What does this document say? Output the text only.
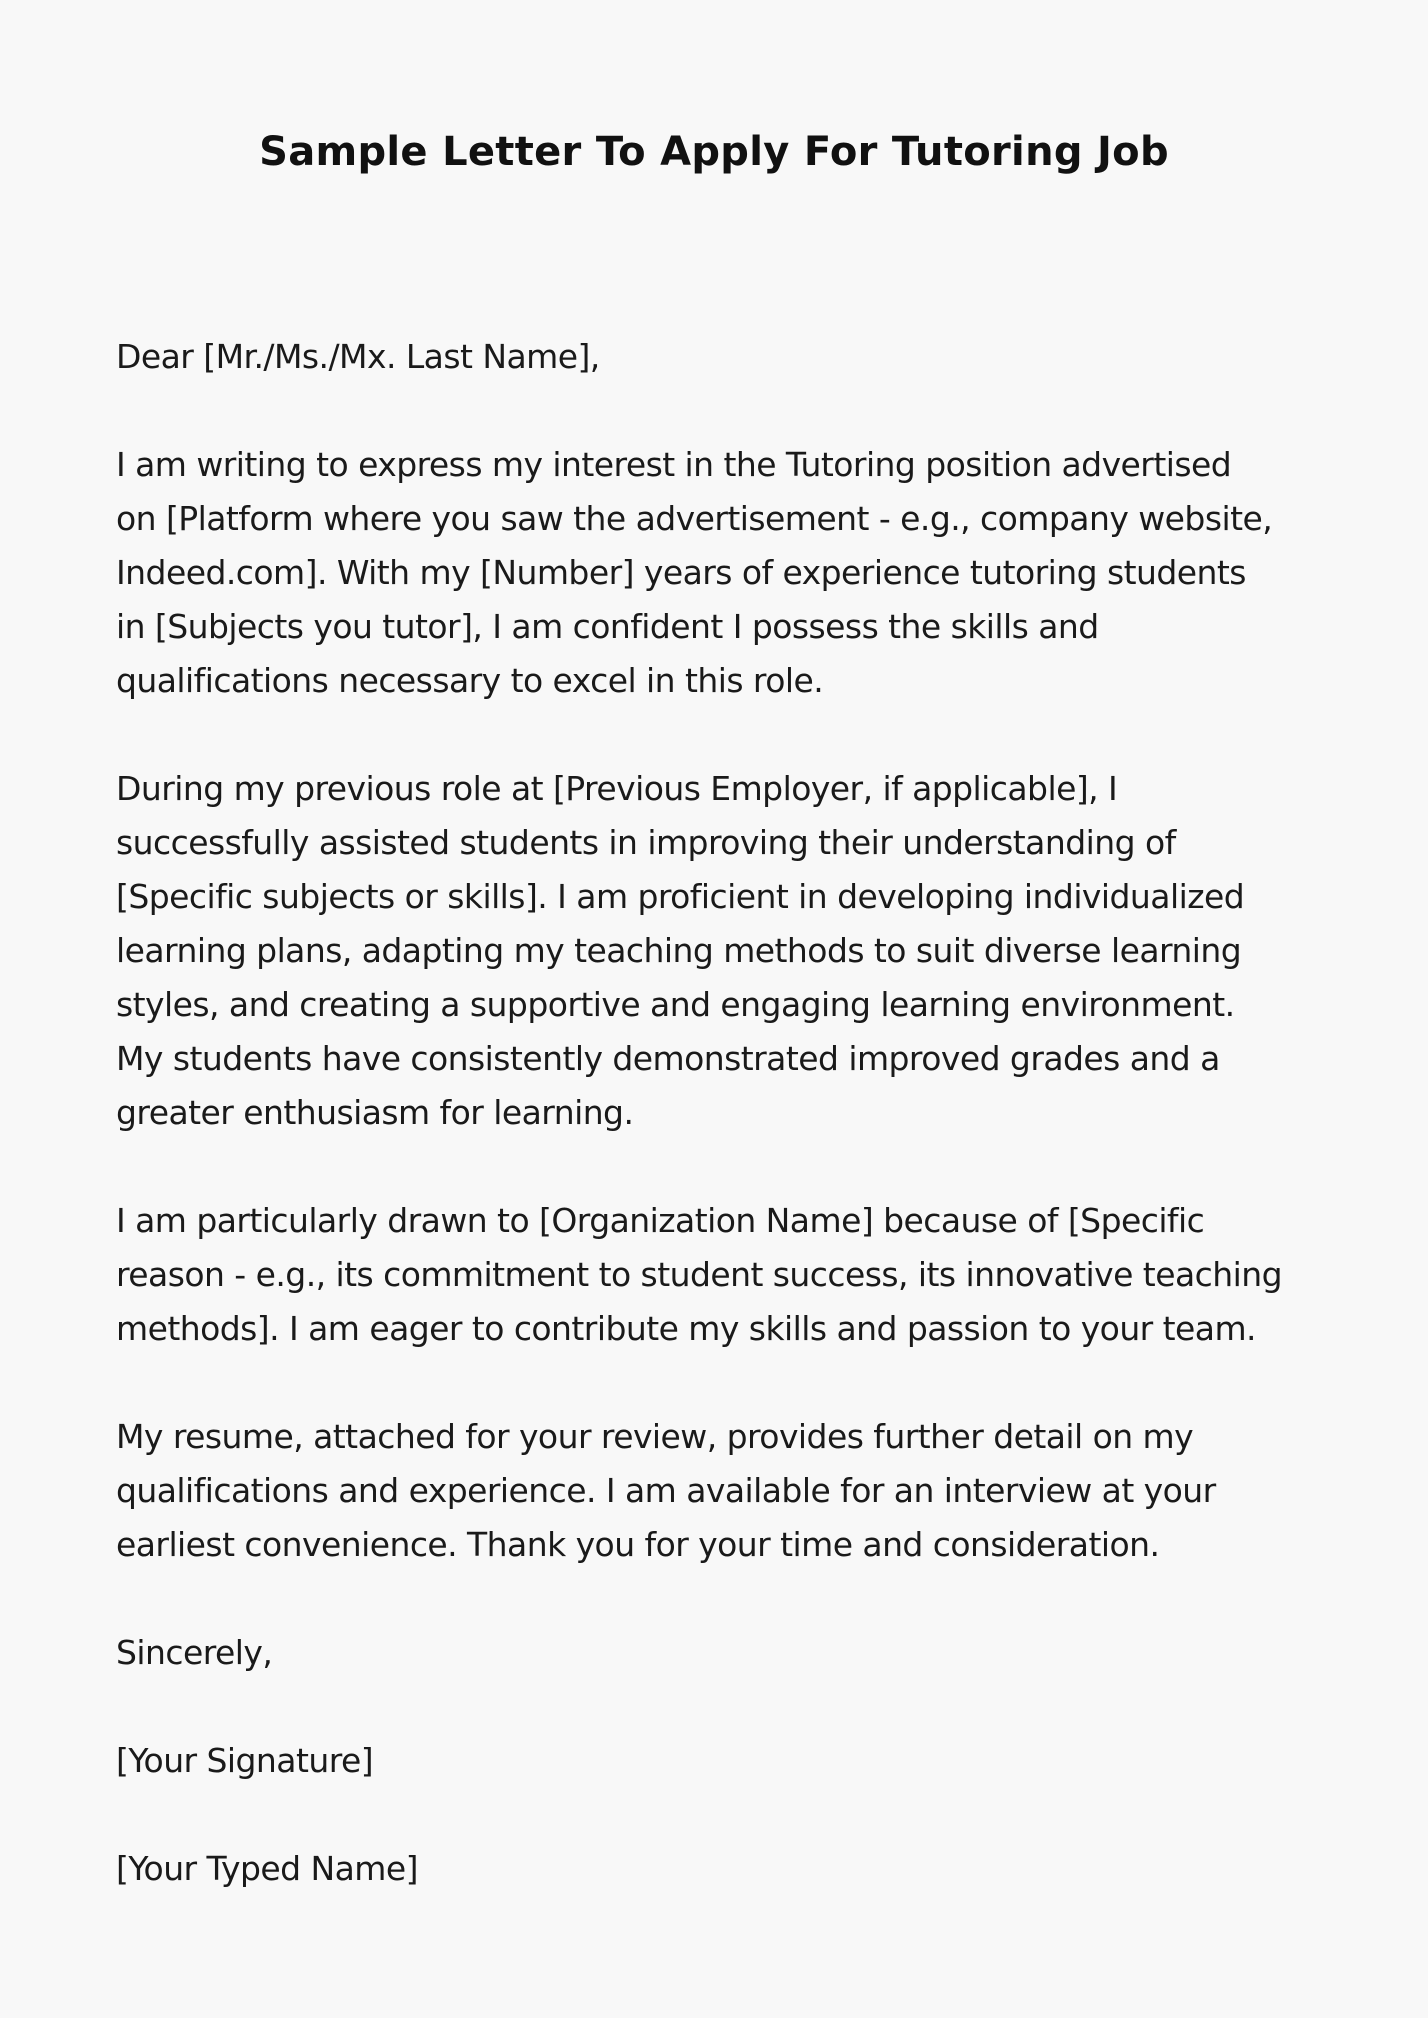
Sample Letter To Apply For Tutoring Job

Dear [Mr./Ms./Mx. Last Name],

I am writing to express my interest in the Tutoring position advertised
on [Platform where you saw the advertisement - e.g., company website,
Indeed.com]. With my [Number] years of experience tutoring students
in [Subjects you tutor], I am confident I possess the skills and
qualifications necessary to excel in this role.

During my previous role at [Previous Employer, if applicable], I
successfully assisted students in improving their understanding of
[Specific subjects or skills]. I am proficient in developing individualized
learning plans, adapting my teaching methods to suit diverse learning
styles, and creating a supportive and engaging learning environment.
My students have consistently demonstrated improved grades and a
greater enthusiasm for learning.

I am particularly drawn to [Organization Name] because of [Specific
reason - e.g., its commitment to student success, its innovative teaching
methods]. I am eager to contribute my skills and passion to your team.

My resume, attached for your review, provides further detail on my
qualifications and experience. I am available for an interview at your
earliest convenience. Thank you for your time and consideration.

Sincerely,

[Your Signature]

[Your Typed Name]
